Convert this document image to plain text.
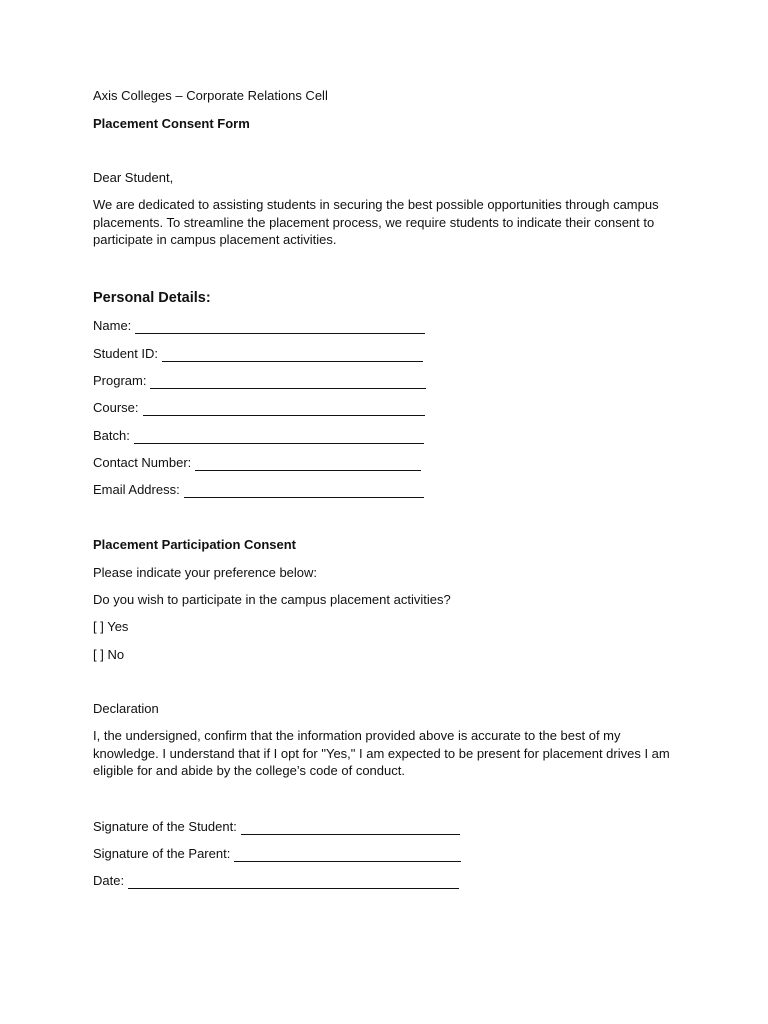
Axis Colleges – Corporate Relations Cell
Placement Consent Form
Dear Student,
We are dedicated to assisting students in securing the best possible opportunities through campus placements. To streamline the placement process, we require students to indicate their consent to participate in campus placement activities.
Personal Details:
Name:
Student ID:
Program:
Course:
Batch:
Contact Number:
Email Address:
Placement Participation Consent
Please indicate your preference below:
Do you wish to participate in the campus placement activities?
[ ] Yes
[ ] No
Declaration
I, the undersigned, confirm that the information provided above is accurate to the best of my knowledge. I understand that if I opt for "Yes," I am expected to be present for placement drives I am eligible for and abide by the college’s code of conduct.
Signature of the Student:
Signature of the Parent:
Date:
